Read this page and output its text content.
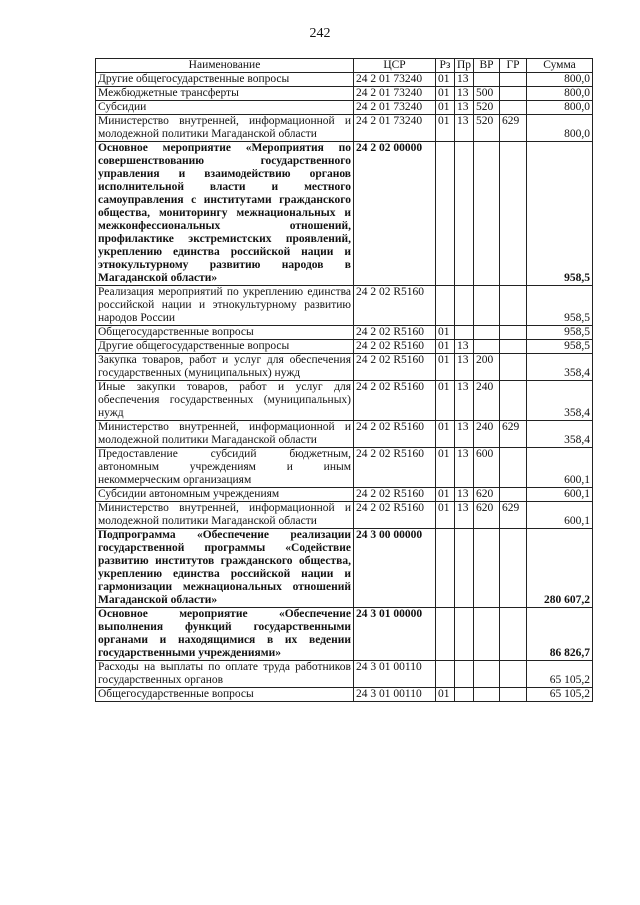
242
Наименование	ЦСР	Рз	Пр	ВР	ГР	Сумма
Другие общегосударственные вопросы	24 2 01 73240	01	13			800,0
Межбюджетные трансферты	24 2 01 73240	01	13	500		800,0
Субсидии	24 2 01 73240	01	13	520		800,0
Министерство внутренней, информационной и молодежной политики Магаданской области	24 2 01 73240	01	13	520	629	800,0
Основное мероприятие «Мероприятия по совершенствованию государственного управления и взаимодействию органов исполнительной власти и местного самоуправления с институтами гражданского общества, мониторингу межнациональных и межконфессиональных отношений, профилактике экстремистских проявлений, укреплению единства российской нации и этнокультурному развитию народов в Магаданской области»	24 2 02 00000					958,5
Реализация мероприятий по укреплению единства российской нации и этнокультурному развитию народов России	24 2 02 R5160					958,5
Общегосударственные вопросы	24 2 02 R5160	01				958,5
Другие общегосударственные вопросы	24 2 02 R5160	01	13			958,5
Закупка товаров, работ и услуг для обеспечения государственных (муниципальных) нужд	24 2 02 R5160	01	13	200		358,4
Иные закупки товаров, работ и услуг для обеспечения государственных (муниципальных) нужд	24 2 02 R5160	01	13	240		358,4
Министерство внутренней, информационной и молодежной политики Магаданской области	24 2 02 R5160	01	13	240	629	358,4
Предоставление субсидий бюджетным, автономным учреждениям и иным некоммерческим организациям	24 2 02 R5160	01	13	600		600,1
Субсидии автономным учреждениям	24 2 02 R5160	01	13	620		600,1
Министерство внутренней, информационной и молодежной политики Магаданской области	24 2 02 R5160	01	13	620	629	600,1
Подпрограмма «Обеспечение реализации государственной программы «Содействие развитию институтов гражданского общества, укреплению единства российской нации и гармонизации межнациональных отношений Магаданской области»	24 3 00 00000					280 607,2
Основное мероприятие «Обеспечение выполнения функций государственными органами и находящимися в их ведении государственными учреждениями»	24 3 01 00000					86 826,7
Расходы на выплаты по оплате труда работников государственных органов	24 3 01 00110					65 105,2
Общегосударственные вопросы	24 3 01 00110	01				65 105,2
